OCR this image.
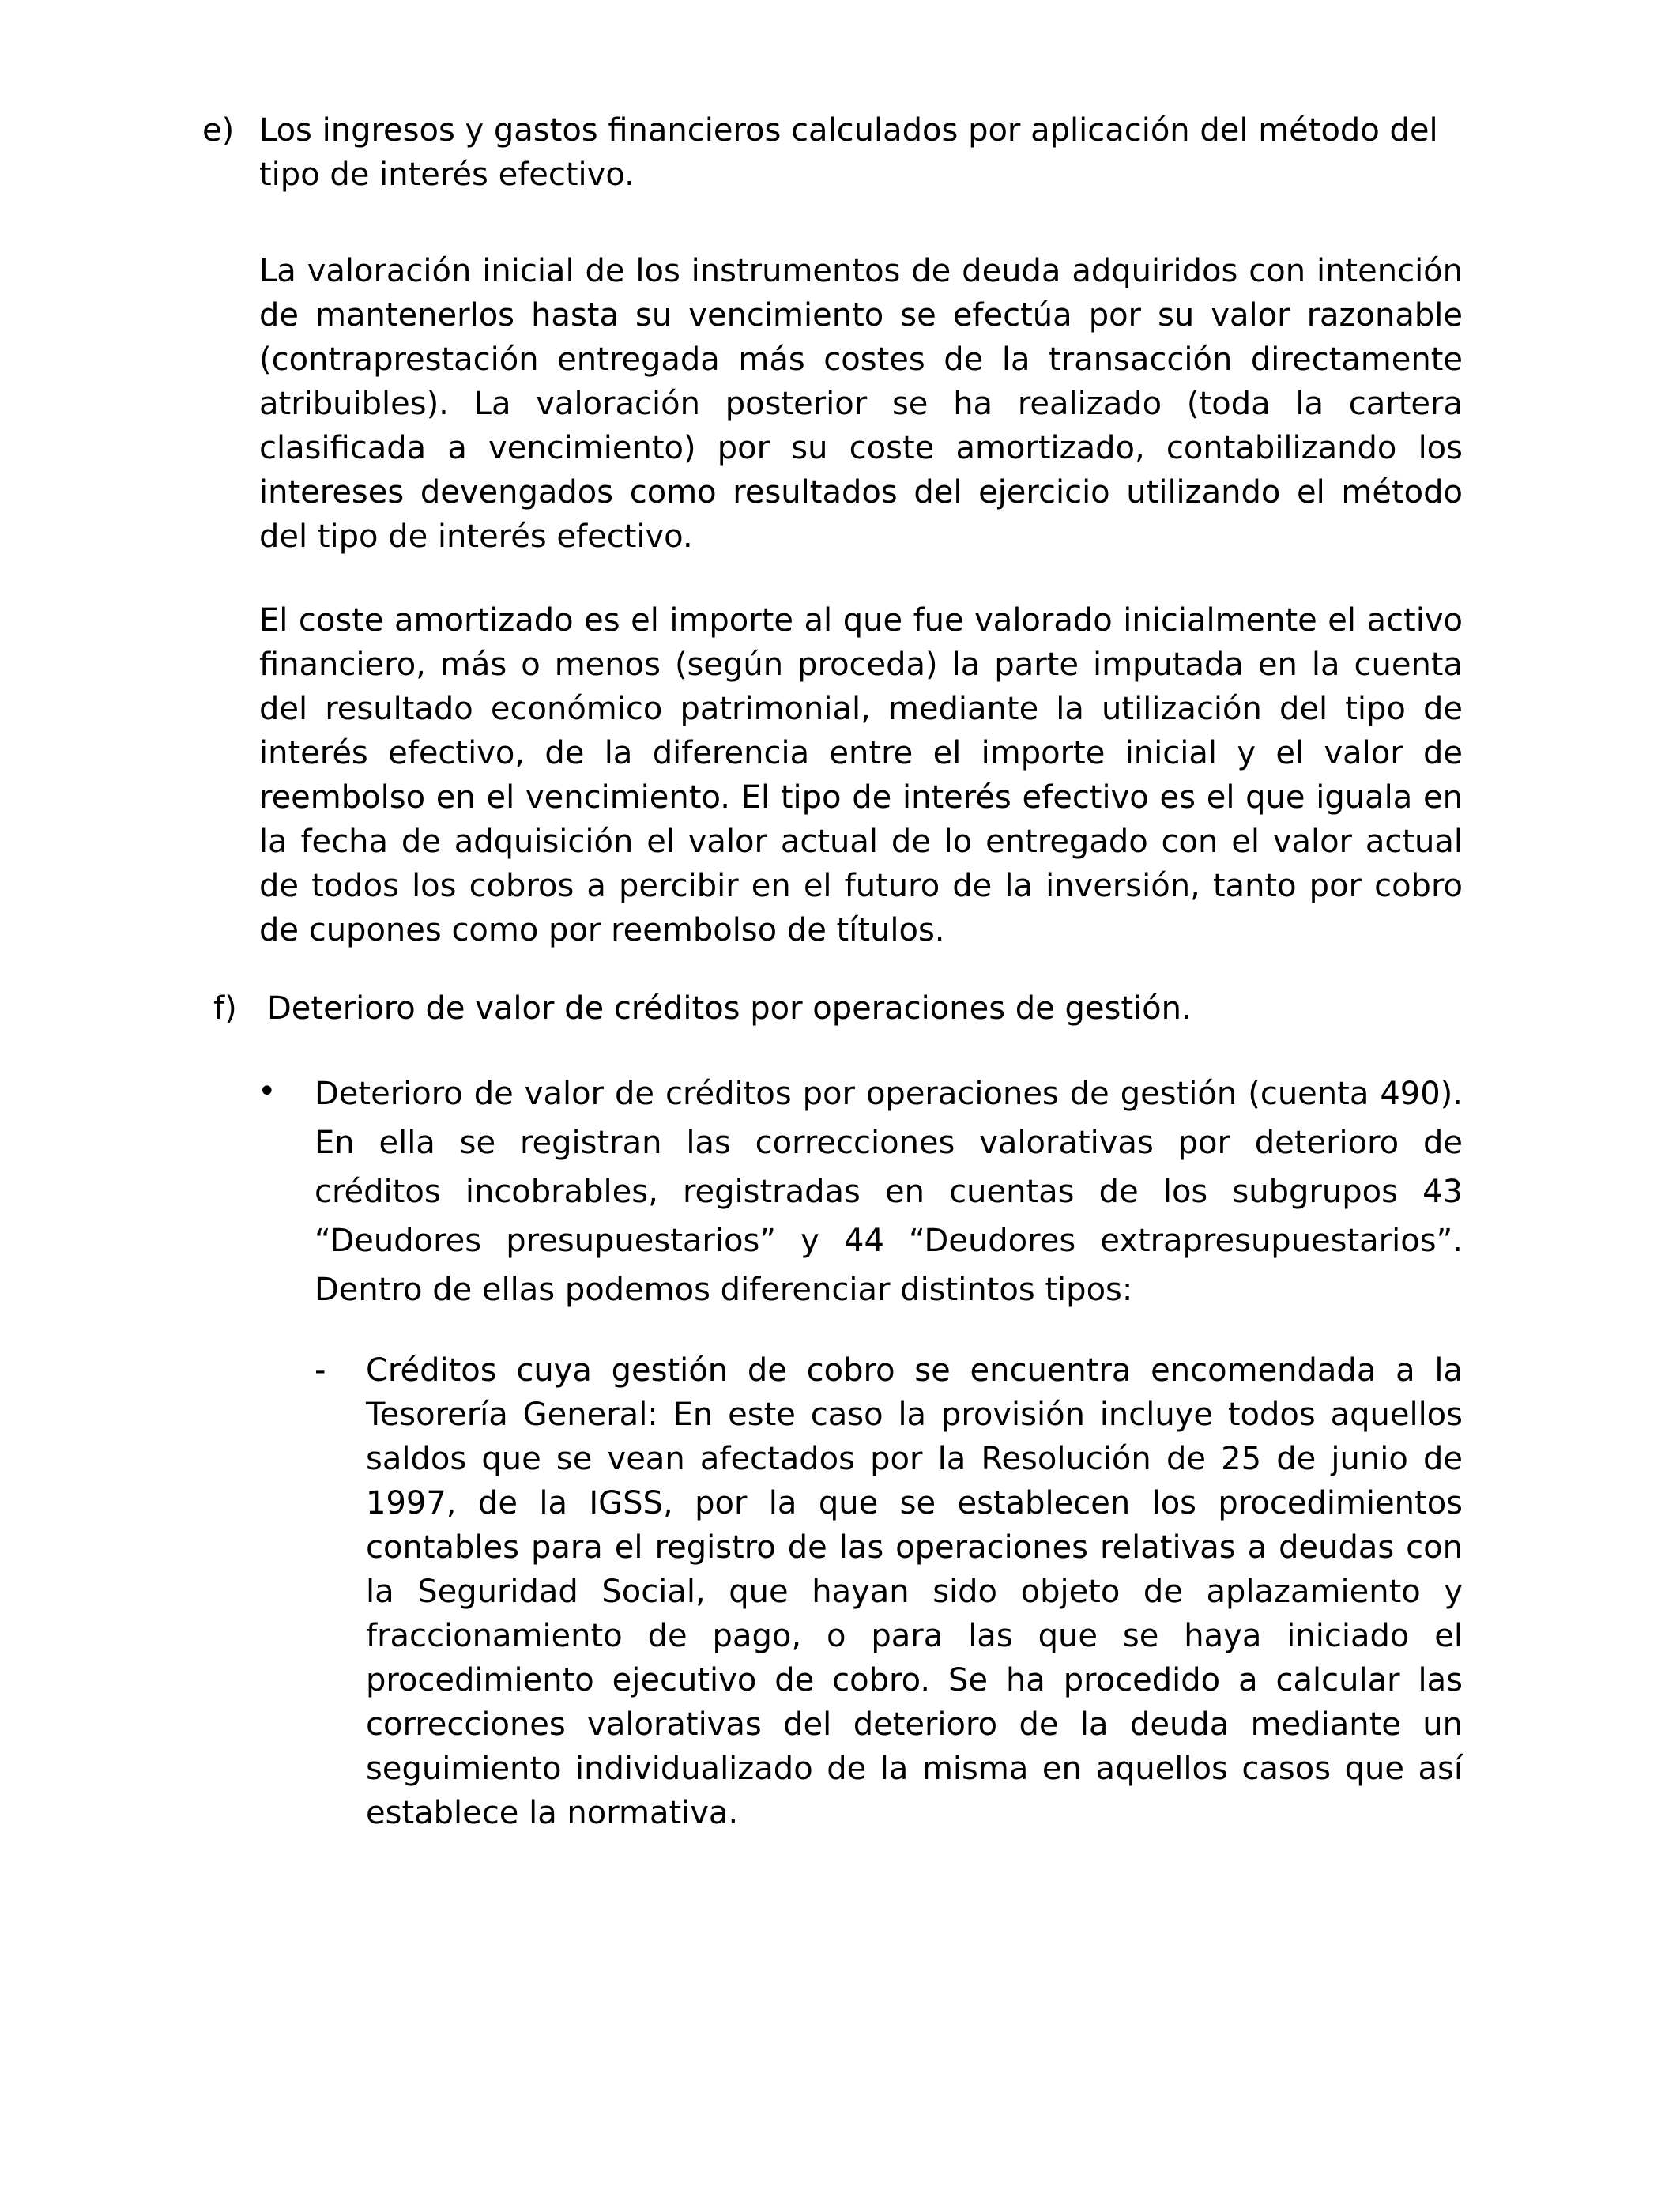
e) Los ingresos y gastos financieros calculados por aplicación del método del tipo de interés efectivo.

La valoración inicial de los instrumentos de deuda adquiridos con intención de mantenerlos hasta su vencimiento se efectúa por su valor razonable (contraprestación entregada más costes de la transacción directamente atribuibles). La valoración posterior se ha realizado (toda la cartera clasificada a vencimiento) por su coste amortizado, contabilizando los intereses devengados como resultados del ejercicio utilizando el método del tipo de interés efectivo.

El coste amortizado es el importe al que fue valorado inicialmente el activo financiero, más o menos (según proceda) la parte imputada en la cuenta del resultado económico patrimonial, mediante la utilización del tipo de interés efectivo, de la diferencia entre el importe inicial y el valor de reembolso en el vencimiento. El tipo de interés efectivo es el que iguala en la fecha de adquisición el valor actual de lo entregado con el valor actual de todos los cobros a percibir en el futuro de la inversión, tanto por cobro de cupones como por reembolso de títulos.

f) Deterioro de valor de créditos por operaciones de gestión.

• Deterioro de valor de créditos por operaciones de gestión (cuenta 490). En ella se registran las correcciones valorativas por deterioro de créditos incobrables, registradas en cuentas de los subgrupos 43 “Deudores presupuestarios” y 44 “Deudores extrapresupuestarios”. Dentro de ellas podemos diferenciar distintos tipos:

- Créditos cuya gestión de cobro se encuentra encomendada a la Tesorería General: En este caso la provisión incluye todos aquellos saldos que se vean afectados por la Resolución de 25 de junio de 1997, de la IGSS, por la que se establecen los procedimientos contables para el registro de las operaciones relativas a deudas con la Seguridad Social, que hayan sido objeto de aplazamiento y fraccionamiento de pago, o para las que se haya iniciado el procedimiento ejecutivo de cobro. Se ha procedido a calcular las correcciones valorativas del deterioro de la deuda mediante un seguimiento individualizado de la misma en aquellos casos que así establece la normativa.
